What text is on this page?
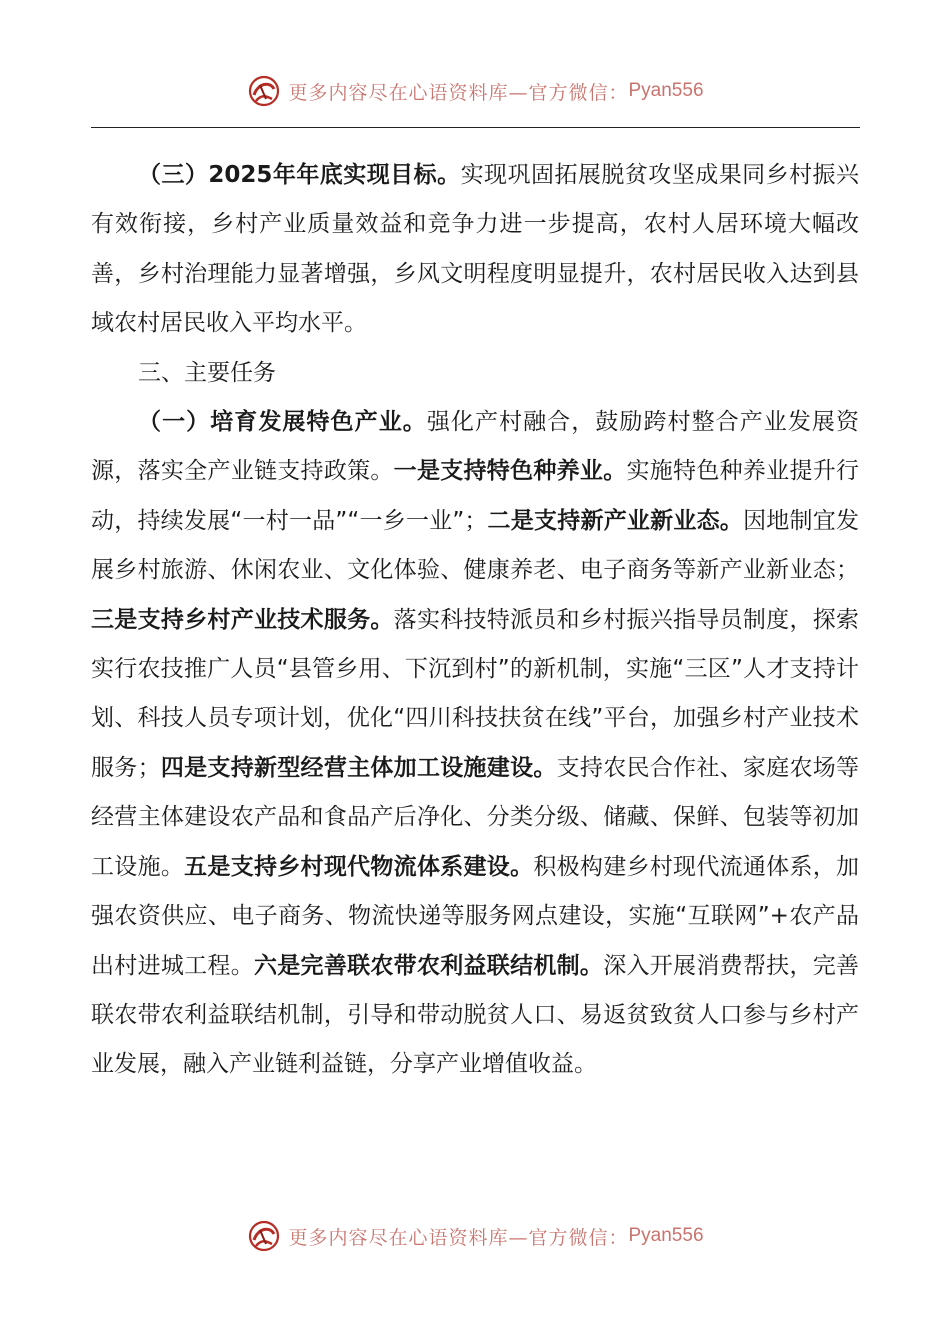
更多内容尽在心语资料库—官方微信： Pyan556

（三）2025年年底实现目标。实现巩固拓展脱贫攻坚成果同乡村振兴有效衔接，乡村产业质量效益和竞争力进一步提高，农村人居环境大幅改善，乡村治理能力显著增强，乡风文明程度明显提升，农村居民收入达到县域农村居民收入平均水平。

三、主要任务

（一）培育发展特色产业。强化产村融合，鼓励跨村整合产业发展资源，落实全产业链支持政策。一是支持特色种养业。实施特色种养业提升行动，持续发展“一村一品”“一乡一业”；二是支持新产业新业态。因地制宜发展乡村旅游、休闲农业、文化体验、健康养老、电子商务等新产业新业态；三是支持乡村产业技术服务。落实科技特派员和乡村振兴指导员制度，探索实行农技推广人员“县管乡用、下沉到村”的新机制，实施“三区”人才支持计划、科技人员专项计划，优化“四川科技扶贫在线”平台，加强乡村产业技术服务；四是支持新型经营主体加工设施建设。支持农民合作社、家庭农场等经营主体建设农产品和食品产后净化、分类分级、储藏、保鲜、包装等初加工设施。五是支持乡村现代物流体系建设。积极构建乡村现代流通体系，加强农资供应、电子商务、物流快递等服务网点建设，实施“互联网”+农产品出村进城工程。六是完善联农带农利益联结机制。深入开展消费帮扶，完善联农带农利益联结机制，引导和带动脱贫人口、易返贫致贫人口参与乡村产业发展，融入产业链利益链，分享产业增值收益。

更多内容尽在心语资料库—官方微信： Pyan556
